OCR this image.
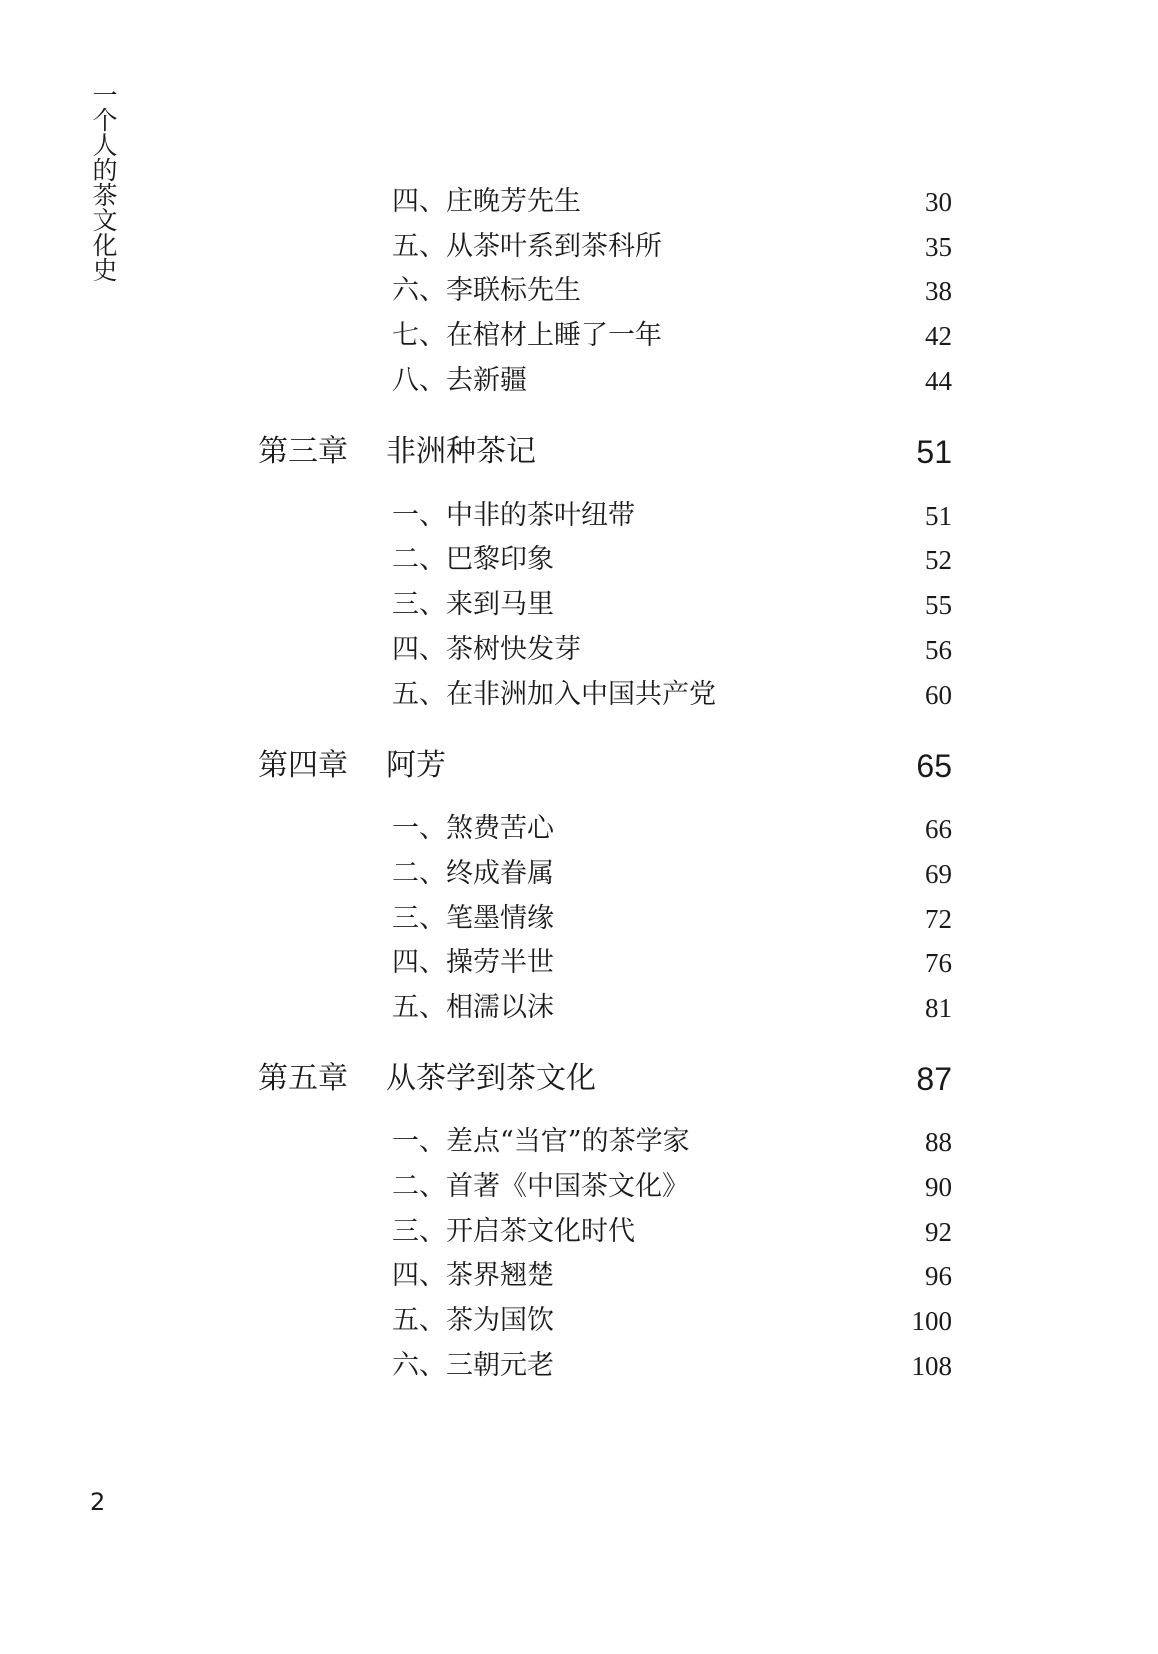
一个人的茶文化史	四、庄晚芳先生	30
五、从茶叶系到茶科所	35
六、李联标先生	38
七、在棺材上睡了一年	42
八、去新疆	44
第三章 非洲种茶记	51
一、中非的茶叶纽带	51
二、巴黎印象	52
三、来到马里	55
四、茶树快发芽	56
五、在非洲加入中国共产党	60
第四章 阿芳	65
一、煞费苦心	66
二、终成眷属	69
三、笔墨情缘	72
四、操劳半世	76
五、相濡以沫	81
第五章 从茶学到茶文化	87
一、差点“当官”的茶学家	88
二、首著《中国茶文化》	90
三、开启茶文化时代	92
四、茶界翘楚	96
五、茶为国饮	100
六、三朝元老	108
2
